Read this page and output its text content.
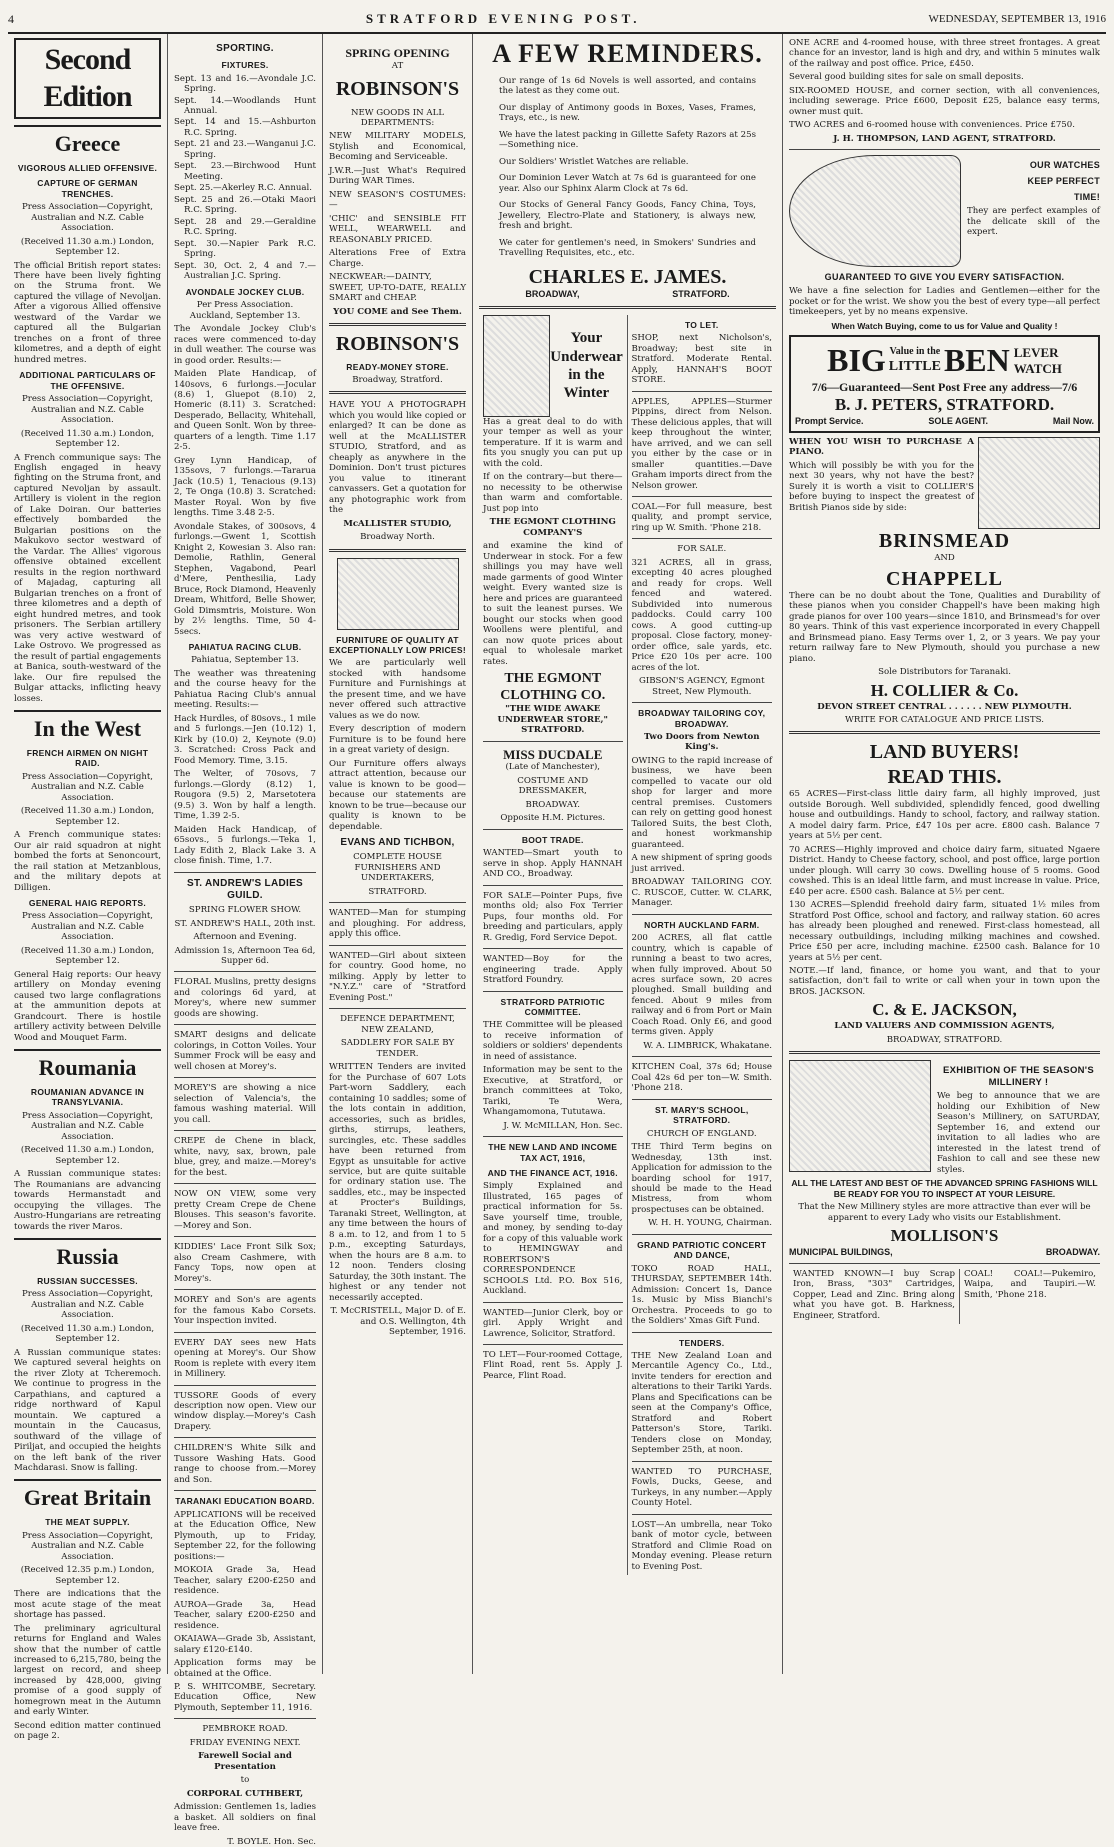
4	STRATFORD EVENING POST.	WEDNESDAY, SEPTEMBER 13, 1916
Second Edition
Greece
VIGOROUS ALLIED OFFENSIVE.
CAPTURE OF GERMAN TRENCHES.

Press Association—Copyright, Australian and N.Z. Cable Association.

(Received 11.30 a.m.) London, September 12.

The official British report states: There have been lively fighting on the Struma front. We captured the village of Nevoljan. After a vigorous Allied offensive westward of the Vardar we captured all the Bulgarian trenches on a front of three kilometres, and a depth of eight hundred metres.

ADDITIONAL PARTICULARS OF THE OFFENSIVE.

Press Association—Copyright, Australian and N.Z. Cable Association.

(Received 11.30 a.m.) London, September 12.

A French communique says: The English engaged in heavy fighting on the Struma front, and captured Nevoljan by assault. Artillery is violent in the region of Lake Doiran. Our batteries effectively bombarded the Bulgarian positions on the Makukovo sector westward of the Vardar. The Allies' vigorous offensive obtained excellent results in the region northward of Majadag, capturing all Bulgarian trenches on a front of three kilometres and a depth of eight hundred metres, and took prisoners. The Serbian artillery was very active westward of Lake Ostrovo. We progressed as the result of partial engagements at Banica, south-westward of the lake. Our fire repulsed the Bulgar attacks, inflicting heavy losses.

In the West
FRENCH AIRMEN ON NIGHT RAID.

Press Association—Copyright, Australian and N.Z. Cable Association.

(Received 11.30 a.m.) London, September 12.

A French communique states: Our air raid squadron at night bombed the forts at Senoncourt, the rail station at Metzanblous, and the military depots at Dilligen.

GENERAL HAIG REPORTS.

Press Association—Copyright, Australian and N.Z. Cable Association.

(Received 11.30 a.m.) London, September 12.

General Haig reports: Our heavy artillery on Monday evening caused two large conflagrations at the ammunition depots at Grandcourt. There is hostile artillery activity between Delville Wood and Mouquet Farm.

Roumania
ROUMANIAN ADVANCE IN TRANSYLVANIA.

Press Association—Copyright, Australian and N.Z. Cable Association.

(Received 11.30 a.m.) London, September 12.

A Russian communique states: The Roumanians are advancing towards Hermanstadt and occupying the villages. The Austro-Hungarians are retreating towards the river Maros.

Russia
RUSSIAN SUCCESSES.

Press Association—Copyright, Australian and N.Z. Cable Association.

(Received 11.30 a.m.) London, September 12.

A Russian communique states: We captured several heights on the river Zloty at Tcheremoch. We continue to progress in the Carpathians, and captured a ridge northward of Kapul mountain. We captured a mountain in the Caucasus, southward of the village of Piriljat, and occupied the heights on the left bank of the river Machdarasi. Snow is falling.

Great Britain
THE MEAT SUPPLY.

Press Association—Copyright, Australian and N.Z. Cable Association.

(Received 12.35 p.m.) London, September 12.

There are indications that the most acute stage of the meat shortage has passed.

The preliminary agricultural returns for England and Wales show that the number of cattle increased to 6,215,780, being the largest on record, and sheep increased by 428,000, giving promise of a good supply of homegrown meat in the Autumn and early Winter.

Second edition matter continued on page 2.

SPORTING.
FIXTURES.

Sept. 13 and 16.—Avondale J.C. Spring.

Sept. 14.—Woodlands Hunt Annual.

Sept. 14 and 15.—Ashburton R.C. Spring.

Sept. 21 and 23.—Wanganui J.C. Spring.

Sept. 23.—Birchwood Hunt Meeting.

Sept. 25.—Akerley R.C. Annual.

Sept. 25 and 26.—Otaki Maori R.C. Spring.

Sept. 28 and 29.—Geraldine R.C. Spring.

Sept. 30.—Napier Park R.C. Spring.

Sept. 30, Oct. 2, 4 and 7.—Australian J.C. Spring.

AVONDALE JOCKEY CLUB.

Per Press Association. Auckland, September 13.

The Avondale Jockey Club's races were commenced to-day in dull weather. The course was in good order. Results:—

Maiden Plate Handicap, of 140sovs, 6 furlongs.—Jocular (8.6) 1, Gluepot (8.10) 2, Homeric (8.11) 3. Scratched: Desperado, Bellacity, Whitehall, and Queen Sonlt. Won by three-quarters of a length. Time 1.17 2-5.

Grey Lynn Handicap, of 135sovs, 7 furlongs.—Tararua Jack (10.5) 1, Tenacious (9.13) 2, Te Onga (10.8) 3. Scratched: Master Royal. Won by five lengths. Time 3.48 2-5.

Avondale Stakes, of 300sovs, 4 furlongs.—Gwent 1, Scottish Knight 2, Kowesian 3. Also ran: Demolie, Rathlin, General Stephen, Vagabond, Pearl d'Mere, Penthesilia, Lady Bruce, Rock Diamond, Heavenly Dream, Whitford, Belle Shower, Gold Dimsmtris, Moisture. Won by 2½ lengths. Time, 50 4-5secs.

PAHIATUA RACING CLUB.

Pahiatua, September 13.

The weather was threatening and the course heavy for the Pahiatua Racing Club's annual meeting. Results:—

Hack Hurdles, of 80sovs., 1 mile and 5 furlongs.—Jen (10.12) 1, Kirk by (10.0) 2, Keynote (9.0) 3. Scratched: Cross Pack and Food Memory. Time, 3.15.

The Welter, of 70sovs, 7 furlongs.—Glordy (8.12) 1, Rougora (9.5) 2, Marsetotera (9.5) 3. Won by half a length. Time, 1.39 2-5.

Maiden Hack Handicap, of 65sovs., 5 furlongs.—Teka 1, Lady Edith 2, Black Lake 3. A close finish. Time, 1.7.

ST. ANDREW'S LADIES GUILD.

SPRING FLOWER SHOW.

ST. ANDREW'S HALL, 20th inst.

Afternoon and Evening.

Admission 1s, Afternoon Tea 6d, Supper 6d.

FLORAL Muslins, pretty designs and colorings 6d yard, at Morey's, where new summer goods are showing.

SMART designs and delicate colorings, in Cotton Voiles. Your Summer Frock will be easy and well chosen at Morey's.

MOREY'S are showing a nice selection of Valencia's, the famous washing material. Will you call.

CREPE de Chene in black, white, navy, sax, brown, pale blue, grey, and maize.—Morey's for the best.

NOW ON VIEW, some very pretty Cream Crepe de Chene Blouses. This season's favorite.—Morey and Son.

KIDDIES' Lace Front Silk Sox; also Cream Cashmere, with Fancy Tops, now open at Morey's.

MOREY and Son's are agents for the famous Kabo Corsets. Your inspection invited.

EVERY DAY sees new Hats opening at Morey's. Our Show Room is replete with every item in Millinery.

TUSSORE Goods of every description now open. View our window display.—Morey's Cash Drapery.

CHILDREN'S White Silk and Tussore Washing Hats. Good range to choose from.—Morey and Son.

TARANAKI EDUCATION BOARD.

APPLICATIONS will be received at the Education Office, New Plymouth, up to Friday, September 22, for the following positions:—

MOKOIA Grade 3a, Head Teacher, salary £200-£250 and residence.

AUROA—Grade 3a, Head Teacher, salary £200-£250 and residence.

OKAIAWA—Grade 3b, Assistant, salary £120-£140.

Application forms may be obtained at the Office.

P. S. WHITCOMBE, Secretary. Education Office, New Plymouth, September 11, 1916.

PEMBROKE ROAD.

FRIDAY EVENING NEXT.

Farewell Social and Presentation

to

CORPORAL CUTHBERT,

Admission: Gentlemen 1s, ladies a basket. All soldiers on final leave free.

T. BOYLE. Hon. Sec.

SPRING OPENING

AT

ROBINSON'S

NEW GOODS IN ALL DEPARTMENTS:

NEW MILITARY MODELS, Stylish and Economical, Becoming and Serviceable.

J.W.R.—Just What's Required During WAR Times.

NEW SEASON'S COSTUMES:—

'CHIC' and SENSIBLE FIT WELL, WEARWELL and REASONABLY PRICED.

Alterations Free of Extra Charge.

NECKWEAR:—DAINTY, SWEET, UP-TO-DATE, REALLY SMART and CHEAP.

YOU COME and See Them.

ROBINSON'S
READY-MONEY STORE.

Broadway, Stratford.

HAVE YOU A PHOTOGRAPH which you would like copied or enlarged? It can be done as well at the McALLISTER STUDIO, Stratford, and as cheaply as anywhere in the Dominion. Don't trust pictures you value to itinerant canvassers. Get a quotation for any photographic work from the

McALLISTER STUDIO,

Broadway North.

FURNITURE OF QUALITY AT EXCEPTIONALLY LOW PRICES!

We are particularly well stocked with handsome Furniture and Furnishings at the present time, and we have never offered such attractive values as we do now.

Every description of modern Furniture is to be found here in a great variety of design.

Our Furniture offers always attract attention, because our value is known to be good—because our statements are known to be true—because our quality is known to be dependable.

EVANS AND TICHBON,

COMPLETE HOUSE FURNISHERS AND UNDERTAKERS,

STRATFORD.

WANTED—Man for stumping and ploughing. For address, apply this office.

WANTED—Girl about sixteen for country. Good home, no milking. Apply by letter to "N.Y.Z." care of "Stratford Evening Post."

DEFENCE DEPARTMENT, NEW ZEALAND,

SADDLERY FOR SALE BY TENDER.

WRITTEN Tenders are invited for the Purchase of 607 Lots Part-worn Saddlery, each containing 10 saddles; some of the lots contain in addition, accessories, such as bridles, girths, stirrups, leathers, surcingles, etc. These saddles have been returned from Egypt as unsuitable for active service, but are quite suitable for ordinary station use. The saddles, etc., may be inspected at Procter's Buildings, Taranaki Street, Wellington, at any time between the hours of 8 a.m. to 12, and from 1 to 5 p.m., excepting Saturdays, when the hours are 8 a.m. to 12 noon. Tenders closing Saturday, the 30th instant. The highest or any tender not necessarily accepted.

T. McCRISTELL, Major D. of E. and O.S. Wellington, 4th September, 1916.

A FEW REMINDERS.

Our range of 1s 6d Novels is well assorted, and contains the latest as they come out.

Our display of Antimony goods in Boxes, Vases, Frames, Trays, etc., is new.

We have the latest packing in Gillette Safety Razors at 25s —Something nice.

Our Soldiers' Wristlet Watches are reliable.

Our Dominion Lever Watch at 7s 6d is guaranteed for one year. Also our Sphinx Alarm Clock at 7s 6d.

Our Stocks of General Fancy Goods, Fancy China, Toys, Jewellery, Electro-Plate and Stationery, is always new, fresh and bright.

We cater for gentlemen's need, in Smokers' Sundries and Travelling Requisites, etc., etc.

CHARLES E. JAMES.
BROADWAY,	STRATFORD.
Your Underwear in the Winter

Has a great deal to do with your temper as well as your temperature. If it is warm and fits you snugly you can put up with the cold.

If on the contrary—but there—no necessity to be otherwise than warm and comfortable. Just pop into

THE EGMONT CLOTHING COMPANY'S

and examine the kind of Underwear in stock. For a few shillings you may have well made garments of good Winter weight. Every wanted size is here and prices are guaranteed to suit the leanest purses. We bought our stocks when good Woollens were plentiful, and can now quote prices about equal to wholesale market rates.

THE EGMONT CLOTHING CO.

"THE WIDE AWAKE UNDERWEAR STORE," STRATFORD.

MISS DUCDALE

(Late of Manchester),

COSTUME AND DRESSMAKER,

BROADWAY.

Opposite H.M. Pictures.

BOOT TRADE.

WANTED—Smart youth to serve in shop. Apply HANNAH AND CO., Broadway.

FOR SALE—Pointer Pups, five months old; also Fox Terrier Pups, four months old. For breeding and particulars, apply R. Gredig, Ford Service Depot.

WANTED—Boy for the engineering trade. Apply Stratford Foundry.

STRATFORD PATRIOTIC COMMITTEE.

THE Committee will be pleased to receive information of soldiers or soldiers' dependents in need of assistance.

Information may be sent to the Executive, at Stratford, or branch committees at Toko, Tariki, Te Wera, Whangamomona, Tututawa.

J. W. McMILLAN, Hon. Sec.

THE NEW LAND AND INCOME TAX ACT, 1916,
AND THE FINANCE ACT, 1916.

Simply Explained and Illustrated, 165 pages of practical information for 5s. Save yourself time, trouble, and money, by sending to-day for a copy of this valuable work to HEMINGWAY and ROBERTSON'S CORRESPONDENCE SCHOOLS Ltd. P.O. Box 516, Auckland.

WANTED—Junior Clerk, boy or girl. Apply Wright and Lawrence, Solicitor, Stratford.

TO LET—Four-roomed Cottage, Flint Road, rent 5s. Apply J. Pearce, Flint Road.

TO LET.

SHOP, next Nicholson's, Broadway; best site in Stratford. Moderate Rental. Apply, HANNAH'S BOOT STORE.

APPLES, APPLES—Sturmer Pippins, direct from Nelson. These delicious apples, that will keep throughout the winter, have arrived, and we can sell you either by the case or in smaller quantities.—Dave Graham imports direct from the Nelson grower.

COAL—For full measure, best quality, and prompt service, ring up W. Smith. 'Phone 218.

FOR SALE.

321 ACRES, all in grass, excepting 40 acres ploughed and ready for crops. Well fenced and watered. Subdivided into numerous paddocks. Could carry 100 cows. A good cutting-up proposal. Close factory, money-order office, sale yards, etc. Price £20 10s per acre. 100 acres of the lot.

GIBSON'S AGENCY, Egmont Street, New Plymouth.

BROADWAY TAILORING COY, BROADWAY.

Two Doors from Newton King's.

OWING to the rapid increase of business, we have been compelled to vacate our old shop for larger and more central premises. Customers can rely on getting good honest Tailored Suits, the best Cloth, and honest workmanship guaranteed.

A new shipment of spring goods just arrived.

BROADWAY TAILORING COY. C. RUSCOE, Cutter. W. CLARK, Manager.

NORTH AUCKLAND FARM.

200 ACRES, all flat cattle country, which is capable of running a beast to two acres, when fully improved. About 50 acres surface sown, 20 acres ploughed. Small building and fenced. About 9 miles from railway and 6 from Port or Main Coach Road. Only £6, and good terms given. Apply

W. A. LIMBRICK, Whakatane.

KITCHEN Coal, 37s 6d; House Coal 42s 6d per ton—W. Smith. 'Phone 218.

ST. MARY'S SCHOOL, STRATFORD.

CHURCH OF ENGLAND.

THE Third Term begins on Wednesday, 13th inst. Application for admission to the boarding school for 1917, should be made to the Head Mistress, from whom prospectuses can be obtained.

W. H. H. YOUNG, Chairman.

GRAND PATRIOTIC CONCERT AND DANCE,

TOKO ROAD HALL, THURSDAY, SEPTEMBER 14th. Admission: Concert 1s, Dance 1s. Music by Miss Bianchi's Orchestra. Proceeds to go to the Soldiers' Xmas Gift Fund.

TENDERS.

THE New Zealand Loan and Mercantile Agency Co., Ltd., invite tenders for erection and alterations to their Tariki Yards. Plans and Specifications can be seen at the Company's Office, Stratford and Robert Patterson's Store, Tariki. Tenders close on Monday, September 25th, at noon.

WANTED TO PURCHASE, Fowls, Ducks, Geese, and Turkeys, in any number.—Apply County Hotel.

LOST—An umbrella, near Toko bank of motor cycle, between Stratford and Climie Road on Monday evening. Please return to Evening Post.

ONE ACRE and 4-roomed house, with three street frontages. A great chance for an investor, land is high and dry, and within 5 minutes walk of the railway and post office. Price, £450.

Several good building sites for sale on small deposits.

SIX-ROOMED HOUSE, and corner section, with all conveniences, including sewerage. Price £600, Deposit £25, balance easy terms, owner must quit.

TWO ACRES and 6-roomed house with conveniences. Price £750.

J. H. THOMPSON, LAND AGENT, STRATFORD.

OUR WATCHES
KEEP PERFECT
TIME!

They are perfect examples of the delicate skill of the expert.

GUARANTEED TO GIVE YOU EVERY SATISFACTION.

We have a fine selection for Ladies and Gentlemen—either for the pocket or for the wrist. We show you the best of every type—all perfect timekeepers, yet by no means expensive.

When Watch Buying, come to us for Value and Quality !

BIG Value in the
LITTLE BEN LEVER
WATCH
7/6—Guaranteed—Sent Post Free any address—7/6
B. J. PETERS, STRATFORD.
Prompt Service.	SOLE AGENT.	Mail Now.

WHEN YOU WISH TO PURCHASE A PIANO.

Which will possibly be with you for the next 30 years, why not have the best? Surely it is worth a visit to COLLIER'S before buying to inspect the greatest of British Pianos side by side:

BRINSMEAD

AND

CHAPPELL

There can be no doubt about the Tone, Qualities and Durability of these pianos when you consider Chappell's have been making high grade pianos for over 100 years—since 1810, and Brinsmead's for over 80 years. Think of this vast experience incorporated in every Chappell and Brinsmead piano. Easy Terms over 1, 2, or 3 years. We pay your return railway fare to New Plymouth, should you purchase a new piano.

Sole Distributors for Taranaki.

H. COLLIER & Co.

DEVON STREET CENTRAL . . . . . . NEW PLYMOUTH.

WRITE FOR CATALOGUE AND PRICE LISTS.

LAND BUYERS!
READ THIS.

65 ACRES—First-class little dairy farm, all highly improved, just outside Borough. Well subdivided, splendidly fenced, good dwelling house and outbuildings. Handy to school, factory, and railway station. A model dairy farm. Price, £47 10s per acre. £800 cash. Balance 7 years at 5½ per cent.

70 ACRES—Highly improved and choice dairy farm, situated Ngaere District. Handy to Cheese factory, school, and post office, large portion under plough. Will carry 30 cows. Dwelling house of 5 rooms. Good cowshed. This is an ideal little farm, and must increase in value. Price, £40 per acre. £500 cash. Balance at 5½ per cent.

130 ACRES—Splendid freehold dairy farm, situated 1½ miles from Stratford Post Office, school and factory, and railway station. 60 acres has already been ploughed and renewed. First-class homestead, all necessary outbuildings, including milking machines and cowshed. Price £50 per acre, including machine. £2500 cash. Balance for 10 years at 5½ per cent.

NOTE.—If land, finance, or home you want, and that to your satisfaction, don't fail to write or call when your in town upon the BROS. JACKSON.

C. & E. JACKSON,

LAND VALUERS AND COMMISSION AGENTS,

BROADWAY, STRATFORD.

EXHIBITION OF THE SEASON'S MILLINERY !

We beg to announce that we are holding our Exhibition of New Season's Millinery, on SATURDAY, September 16, and extend our invitation to all ladies who are interested in the latest trend of Fashion to call and see these new styles.

ALL THE LATEST AND BEST OF THE ADVANCED SPRING FASHIONS WILL BE READY FOR YOU TO INSPECT AT YOUR LEISURE.

That the New Millinery styles are more attractive than ever will be apparent to every Lady who visits our Establishment.

MOLLISON'S
MUNICIPAL BUILDINGS,	BROADWAY.

WANTED KNOWN—I buy Scrap Iron, Brass, "303" Cartridges, Copper, Lead and Zinc. Bring along what you have got. B. Harkness, Engineer, Stratford.

COAL! COAL!—Pukemiro, Waipa, and Taupiri.—W. Smith, 'Phone 218.
